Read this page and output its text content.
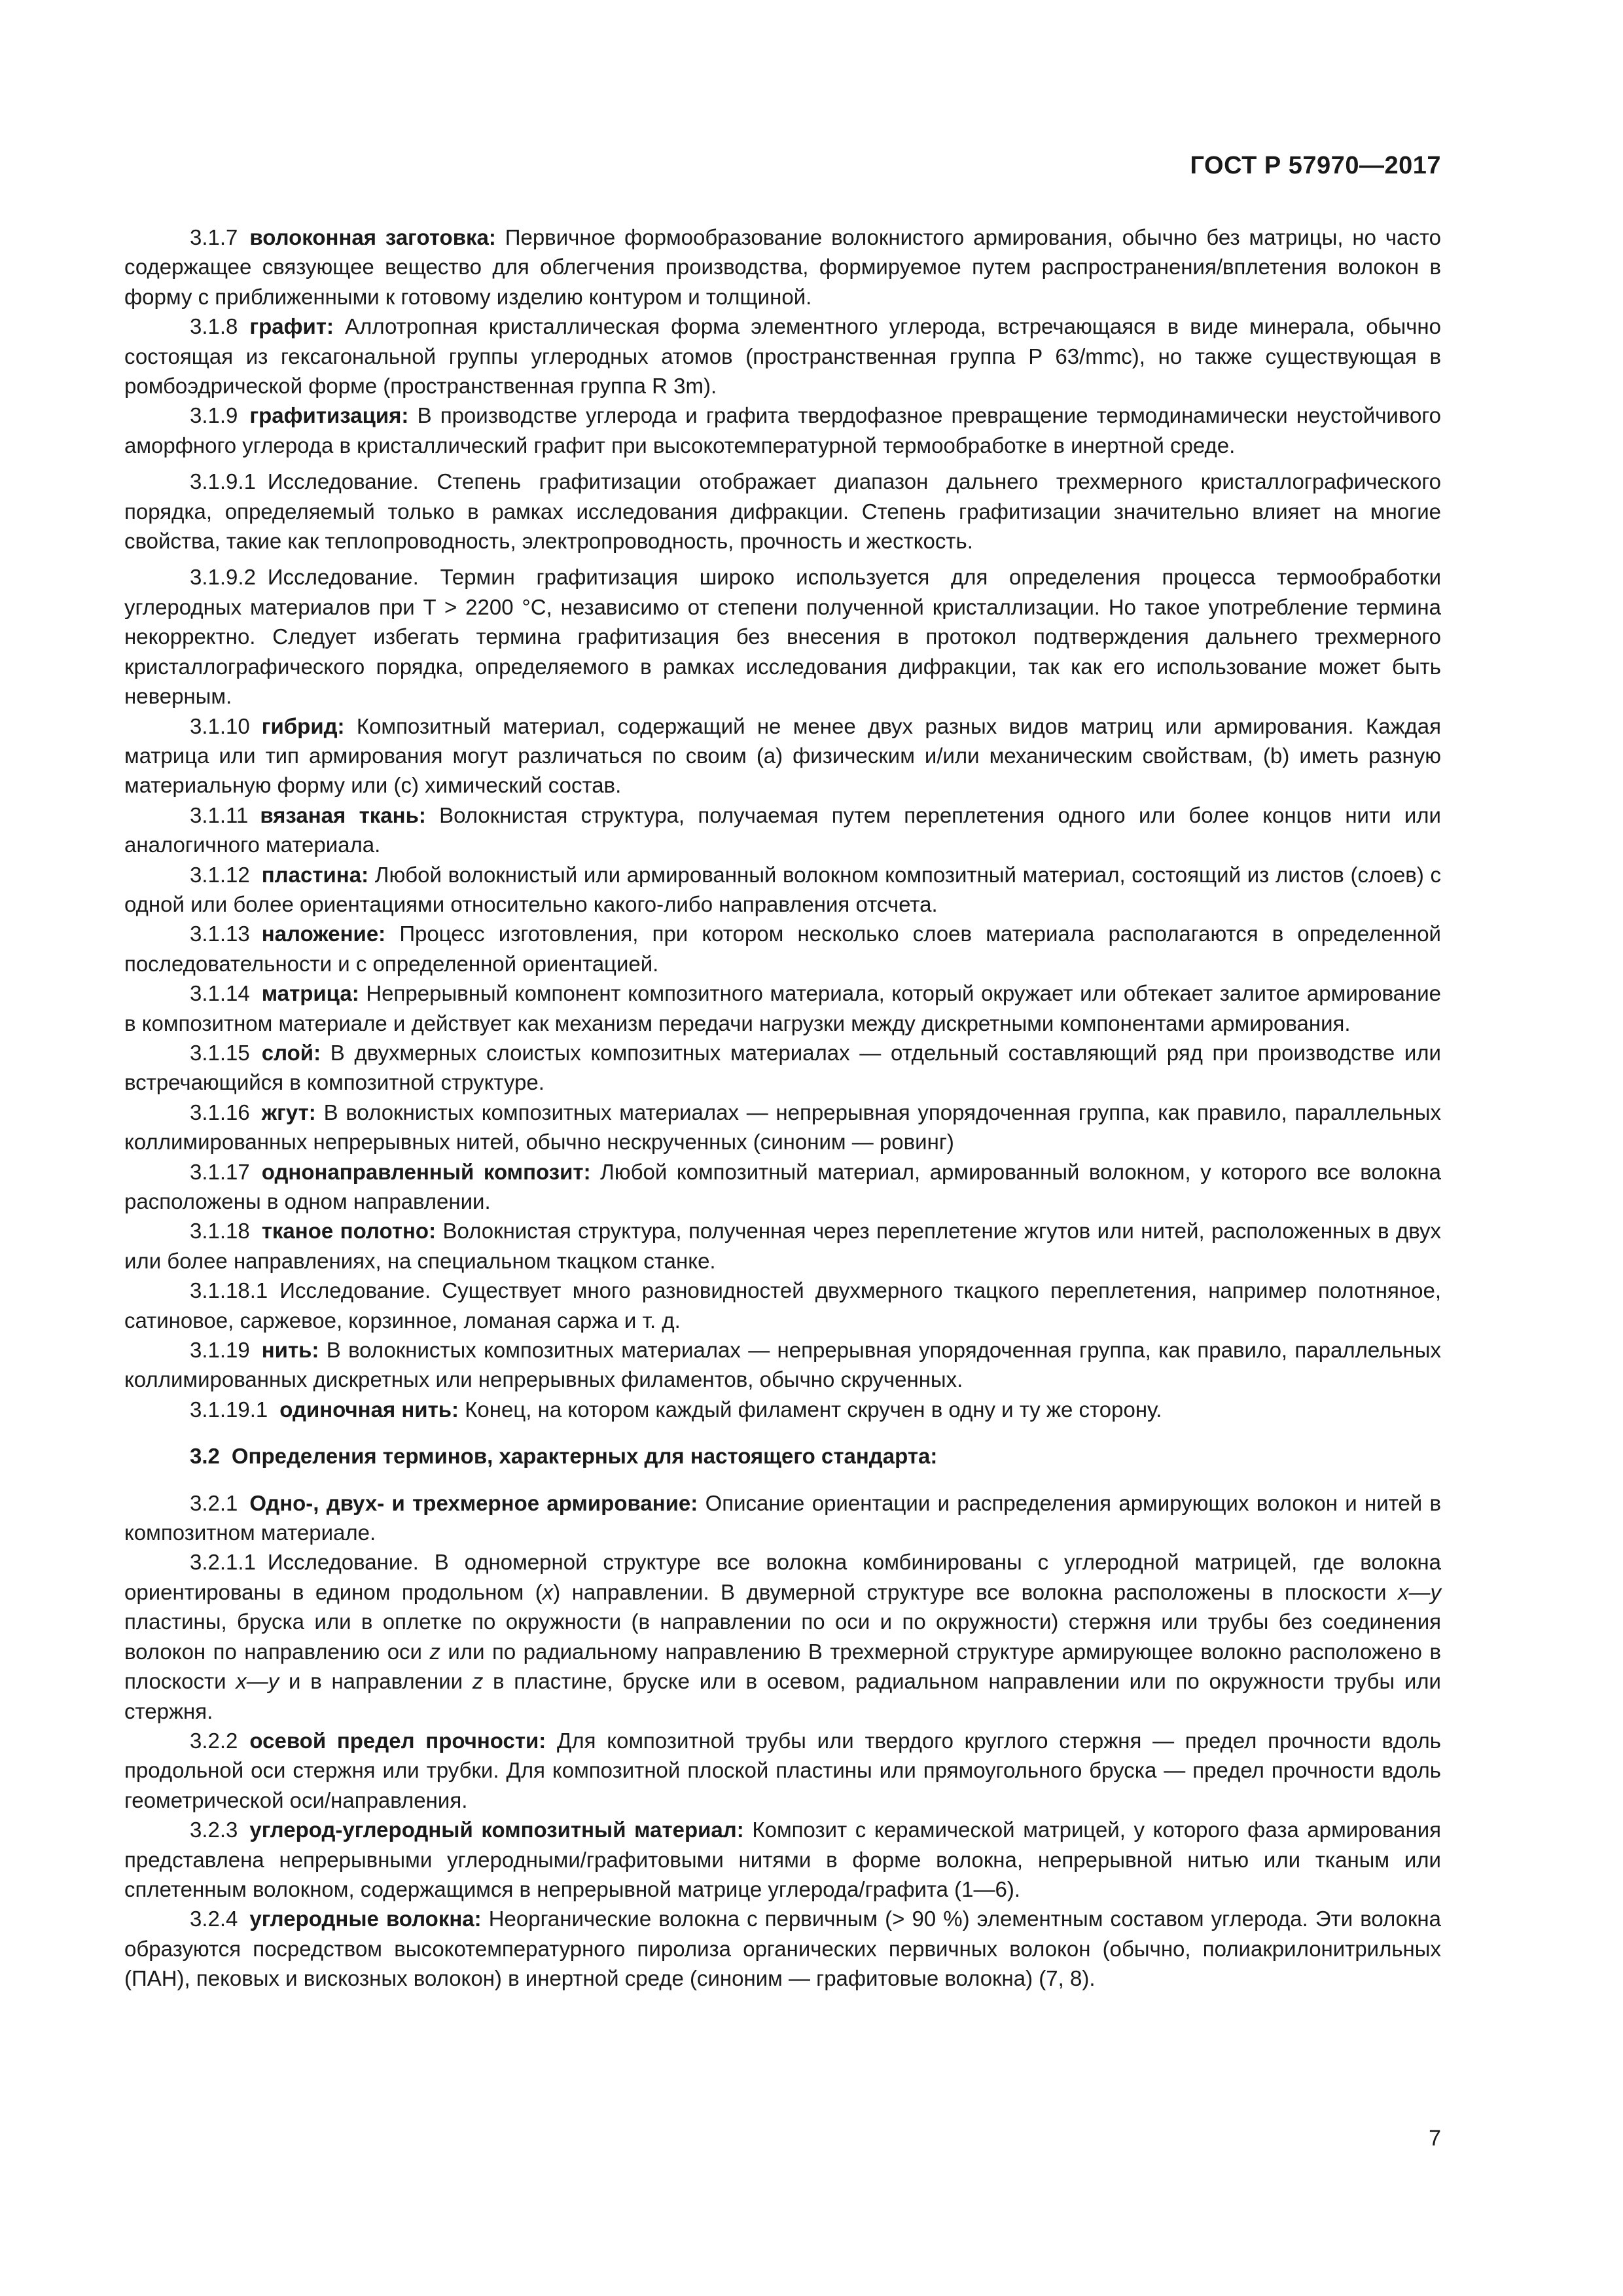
ГОСТ Р 57970—2017

3.1.7 волоконная заготовка: Первичное формообразование волокнистого армирования, обычно без матрицы, но часто содержащее связующее вещество для облегчения производства, формируемое путем распространения/вплетения волокон в форму с приближенными к готовому изделию контуром и толщиной.

3.1.8 графит: Аллотропная кристаллическая форма элементного углерода, встречающаяся в виде минерала, обычно состоящая из гексагональной группы углеродных атомов (пространственная группа P 63/mmc), но также существующая в ромбоэдрической форме (пространственная группа R 3m).

3.1.9 графитизация: В производстве углерода и графита твердофазное превращение термодинамически неустойчивого аморфного углерода в кристаллический графит при высокотемпературной термообработке в инертной среде.

3.1.9.1 Исследование. Степень графитизации отображает диапазон дальнего трехмерного кристаллографического порядка, определяемый только в рамках исследования дифракции. Степень графитизации значительно влияет на многие свойства, такие как теплопроводность, электропроводность, прочность и жесткость.

3.1.9.2 Исследование. Термин графитизация широко используется для определения процесса термообработки углеродных материалов при T > 2200 °C, независимо от степени полученной кристаллизации. Но такое употребление термина некорректно. Следует избегать термина графитизация без внесения в протокол подтверждения дальнего трехмерного кристаллографического порядка, определяемого в рамках исследования дифракции, так как его использование может быть неверным.

3.1.10 гибрид: Композитный материал, содержащий не менее двух разных видов матриц или армирования. Каждая матрица или тип армирования могут различаться по своим (a) физическим и/или механическим свойствам, (b) иметь разную материальную форму или (c) химический состав.

3.1.11 вязаная ткань: Волокнистая структура, получаемая путем переплетения одного или более концов нити или аналогичного материала.

3.1.12 пластина: Любой волокнистый или армированный волокном композитный материал, состоящий из листов (слоев) с одной или более ориентациями относительно какого-либо направления отсчета.

3.1.13 наложение: Процесс изготовления, при котором несколько слоев материала располагаются в определенной последовательности и с определенной ориентацией.

3.1.14 матрица: Непрерывный компонент композитного материала, который окружает или обтекает залитое армирование в композитном материале и действует как механизм передачи нагрузки между дискретными компонентами армирования.

3.1.15 слой: В двухмерных слоистых композитных материалах — отдельный составляющий ряд при производстве или встречающийся в композитной структуре.

3.1.16 жгут: В волокнистых композитных материалах — непрерывная упорядоченная группа, как правило, параллельных коллимированных непрерывных нитей, обычно нескрученных (синоним — ровинг)

3.1.17 однонаправленный композит: Любой композитный материал, армированный волокном, у которого все волокна расположены в одном направлении.

3.1.18 тканое полотно: Волокнистая структура, полученная через переплетение жгутов или нитей, расположенных в двух или более направлениях, на специальном ткацком станке.

3.1.18.1 Исследование. Существует много разновидностей двухмерного ткацкого переплетения, например полотняное, сатиновое, саржевое, корзинное, ломаная саржа и т. д.

3.1.19 нить: В волокнистых композитных материалах — непрерывная упорядоченная группа, как правило, параллельных коллимированных дискретных или непрерывных филаментов, обычно скрученных.

3.1.19.1 одиночная нить: Конец, на котором каждый филамент скручен в одну и ту же сторону.

3.2 Определения терминов, характерных для настоящего стандарта:

3.2.1 Одно-, двух- и трехмерное армирование: Описание ориентации и распределения армирующих волокон и нитей в композитном материале.

3.2.1.1 Исследование. В одномерной структуре все волокна комбинированы с углеродной матрицей, где волокна ориентированы в едином продольном (x) направлении. В двумерной структуре все волокна расположены в плоскости x—y пластины, бруска или в оплетке по окружности (в направлении по оси и по окружности) стержня или трубы без соединения волокон по направлению оси z или по радиальному направлению В трехмерной структуре армирующее волокно расположено в плоскости x—y и в направлении z в пластине, бруске или в осевом, радиальном направлении или по окружности трубы или стержня.

3.2.2 осевой предел прочности: Для композитной трубы или твердого круглого стержня — предел прочности вдоль продольной оси стержня или трубки. Для композитной плоской пластины или прямоугольного бруска — предел прочности вдоль геометрической оси/направления.

3.2.3 углерод-углеродный композитный материал: Композит с керамической матрицей, у которого фаза армирования представлена непрерывными углеродными/графитовыми нитями в форме волокна, непрерывной нитью или тканым или сплетенным волокном, содержащимся в непрерывной матрице углерода/графита (1—6).

3.2.4 углеродные волокна: Неорганические волокна с первичным (> 90 %) элементным составом углерода. Эти волокна образуются посредством высокотемпературного пиролиза органических первичных волокон (обычно, полиакрилонитрильных (ПАН), пековых и вискозных волокон) в инертной среде (синоним — графитовые волокна) (7, 8).

7
